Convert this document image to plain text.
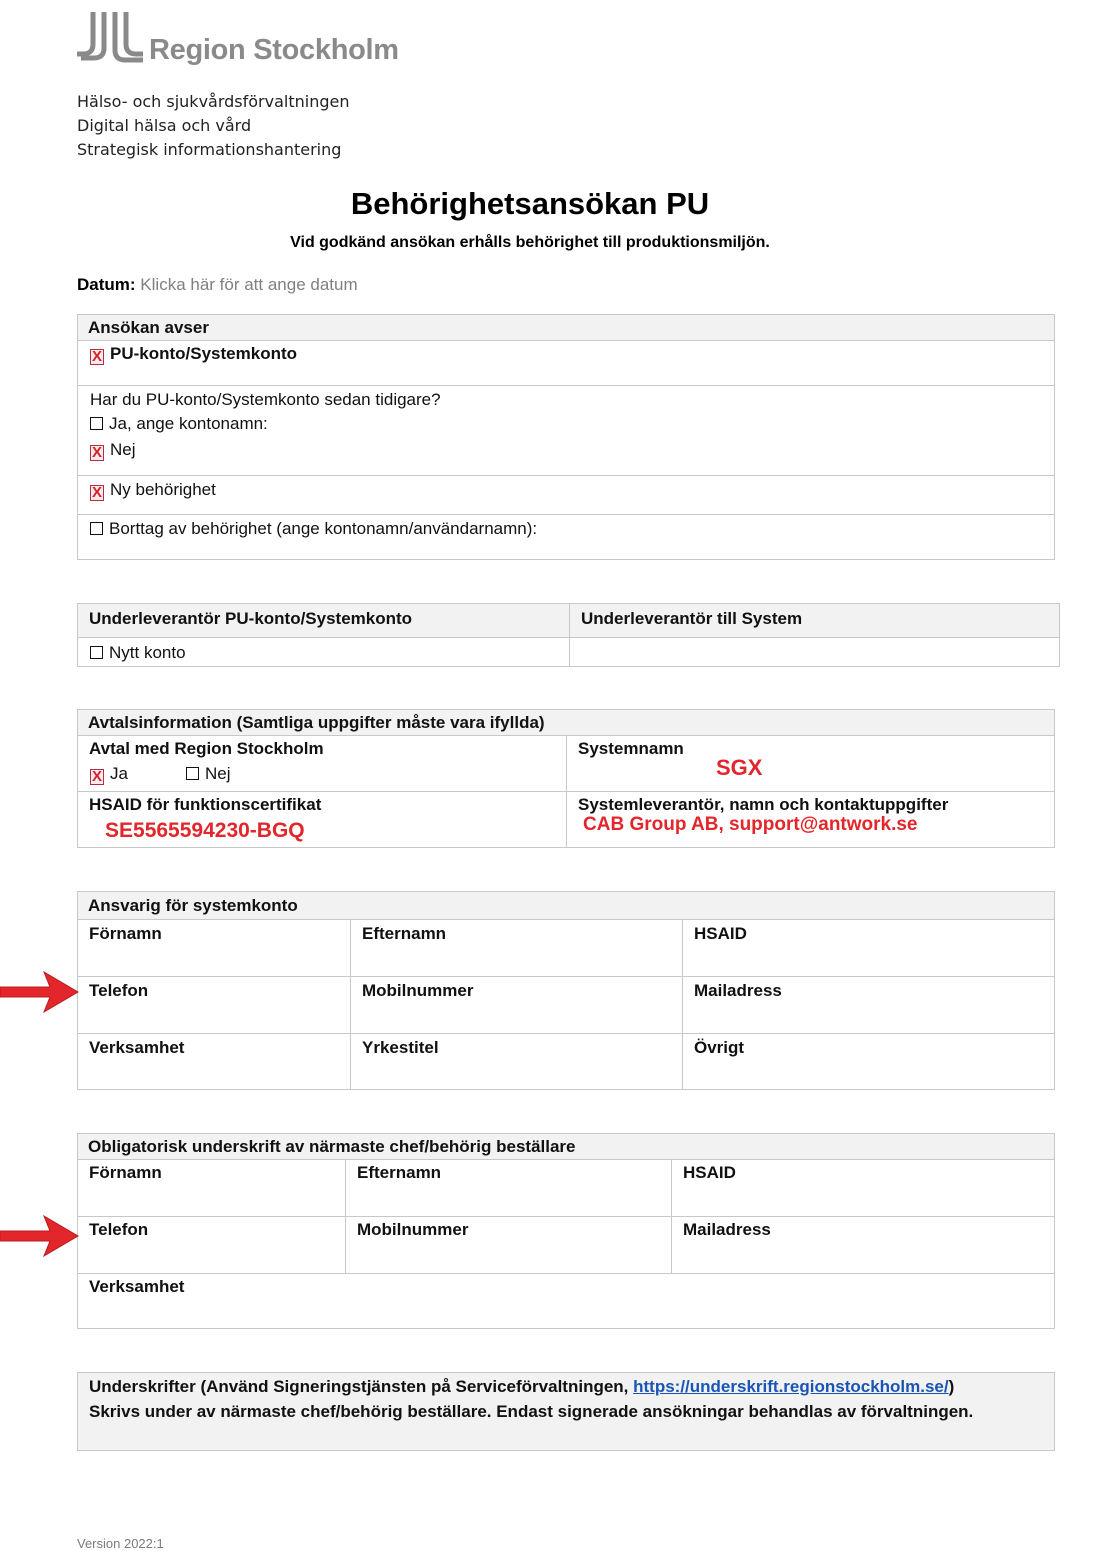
Region Stockholm
Hälso- och sjukvårdsförvaltningen
Digital hälsa och vård
Strategisk informationshantering
Behörighetsansökan PU
Vid godkänd ansökan erhålls behörighet till produktionsmiljön.
Datum: Klicka här för att ange datum
Ansökan avser
X PU-konto/Systemkonto
Har du PU-konto/Systemkonto sedan tidigare?
Ja, ange kontonamn:
X Nej
X Ny behörighet
Borttag av behörighet (ange kontonamn/användarnamn):
Underleverantör PU-konto/Systemkonto	Underleverantör till System
Nytt konto
Avtalsinformation (Samtliga uppgifter måste vara ifyllda)
Avtal med Region Stockholm
X Ja	Nej
Systemnamn
SGX
HSAID för funktionscertifikat
SE5565594230-BGQ
Systemleverantör, namn och kontaktuppgifter
CAB Group AB, support@antwork.se
Ansvarig för systemkonto
Förnamn	Efternamn	HSAID
Telefon	Mobilnummer	Mailadress
Verksamhet	Yrkestitel	Övrigt
Obligatorisk underskrift av närmaste chef/behörig beställare
Förnamn	Efternamn	HSAID
Telefon	Mobilnummer	Mailadress
Verksamhet
Underskrifter (Använd Signeringstjänsten på Serviceförvaltningen, https://underskrift.regionstockholm.se/)
Skrivs under av närmaste chef/behörig beställare. Endast signerade ansökningar behandlas av förvaltningen.
Version 2022:1
